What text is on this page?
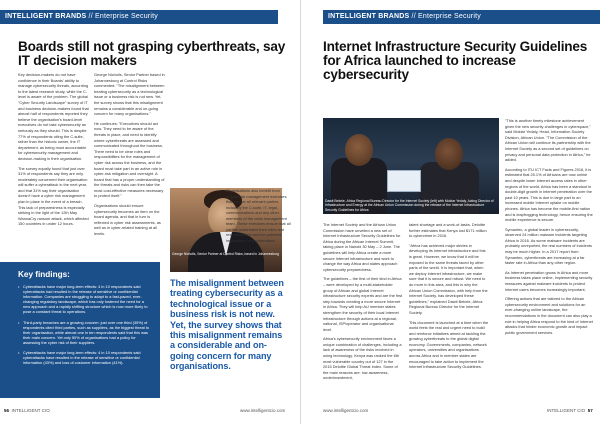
INTELLIGENT BRANDS // Enterprise Security
Boards still not grasping cyberthreats, say IT decision makers

Key decision-makers do not have confidence in their Boards' ability to manage cybersecurity threats, according to the latest research study, while the C-level is aware of the problem. The global "Cyber Security Landscape" survey of IT and business decision-makers found that almost half of respondents reported they believe the organisation's board-level executives do not take cybersecurity as seriously as they should. This is despite 77% of respondents citing the C-suite, rather than the historic owner, the IT department, as being most accountable for cybersecurity management and decision-making in their organisation.

The survey equally found that just over 31% of respondents say they are only moderately concerned their organisation will suffer a cyberattack in the next year, and that 31% say their organisation doesn't have a cyber risk management plan in place in the event of a breach. This lack of preparedness is especially striking in the light of the 12th May WannaCry ransom attack, which affected 150 countries in under 12 hours.

George Nicholls, Senior Partner based in Johannesburg at Control Risks commented: "The misalignment between treating cybersecurity as a technological issue or a business risk is not new. Yet, the survey shows that this misalignment remains a considerable and on-going concern for many organisations."

He continues: "Executives should act now. They need to be aware of the threats in place, and need to identify where cyberthreats are assessed and communicated throughout the business. There need to be clear roles and responsibilities for the management of cyber risk across the business, and the board must take part in an active role in cyber-risk mitigation and oversight. A board that has a proper understanding of the threats and risks can then take the most cost-effective measures necessary to protect itself."

Organisations should ensure cybersecurity becomes an item on the board agenda, and that in turn is reflected in cyber risk assessments, as well as in cyber-related training at all levels.

George Nicholls, Senior Partner at Control Risks, based in Johannesburg

Organisations also benefit from regular risk management exercises that involve all relevant parties including the C-suite, IT, legal, communications and any other members of the crisis management team. These exercises ensure that all parties understand their roles and responsibilities and the potential implications of a cyberattack.

The misalignment between treating cybersecurity as a technological issue or a business risk is not new. Yet, the survey shows that this misalignment remains a considerable and on-going concern for many organisations.
Key findings:
• Cyberattacks have major long-term effects: 4 in 10 respondents said cyberattacks had resulted in the release of sensitive or confidential information. Companies are struggling to adapt to a fast-paced, ever-changing regulatory landscape, which has only fostered the need for a new approach and a rapidly shifting structure which is now more likely to pose a constant threat to operations.
• Third-party breaches are a growing concern: just over one third (35%) of respondents cited third parties, such as suppliers, as the biggest threat to their organisation, while almost one in ten respondents said that this was their main concern. Yet only 50% of organisations had a policy for assessing the cyber risk of their suppliers.
• Cyberattacks have major long-term effects: 4 in 10 respondents said cyberattacks have resulted in the release of sensitive or confidential information (43%) and loss of customer information (41%).
56 INTELLIGENT CIO	www.intelligentcio.com
INTELLIGENT BRANDS // Enterprise Security
Internet Infrastructure Security Guidelines for Africa launched to increase cybersecurity
Dawit Bekele, Africa Regional Bureau Director for the Internet Society (left) with Moktar Yedaly, Acting Director of Infrastructure and Energy at the African Union Commission during the release of the Internet Infrastructure Security Guidelines for Africa

The Internet Society and the African Union Commission have unveiled a new set of Internet Infrastructure Security Guidelines for Africa during the African Internet Summit, taking place in Nairobi 30 May – 2 June. The guidelines will help Africa create a more secure Internet infrastructure and work to change the way Africa and states approach cybersecurity preparedness.

The guidelines – the first of their kind in Africa – were developed by a multi-stakeholder group of African and global Internet infrastructure security experts and are the first step towards creating a more secure Internet in Africa. They will help AU member states strengthen the security of their local Internet infrastructure through actions at a regional, national, ISP/operator and organisational level.

Africa's cybersecurity environment faces a unique combination of challenges, including a lack of awareness of the risks involved in using technology. Kenya was ranked the 6th most vulnerable country out of 127 in the 2015 Deloitte Global Threat Index. Some of the main reasons are: low awareness, underinvestment,

talent shortage and a work-of-tasks. Deloitte further estimates that Kenya lost $171 million to cybercrime in 2016.

"Africa has achieved major strides in developing its Internet infrastructure and this is great. However, we know that it will be exposed to the same threats faced by other parts of the world. It is important that, when we deploy Internet infrastructure, we make sure that it is secure and robust. We need to do more in this area, and this is why the African Union Commission, with help from the Internet Society, has developed these guidelines," explained Dawit Bekele, Africa Regional Bureau Director for the Internet Society.

This document is launched at a time when the world feels the real and urgent need to build and reinforce initiatives aimed at tackling the growing cyberthreats to the global digital economy. Governments, companies, network operators, universities and organisations across Africa and in member states are encouraged to take action to implement the Internet Infrastructure Security Guidelines.

"This is another timely milestone achievement given the new security challenges in cyberspace," said Moktar Yedaly, Head, Information Society Division, African Union. "The Commission of the African Union will continue its partnership with the Internet Society as a second set of guidelines on privacy and personal data protection in Africa," he added.

According to ITU ICT Facts and Figures 2016, it is estimated that 25.1% of Africans are now online and despite lower Internet access rates in other regions of the world, Africa has been a standout in double-digit growth in Internet penetration over the past 10 years. This is due in large part to an increased mobile Internet uptake on mobile phones. Africa has become the mobile-first nation and is leapfrogging technology, hence ensuring the mobile experience is secure.

Symantec, a global leader in cybersecurity, observed 24 million malware incidents targeting Africa in 2016. As some malware incidents are probably unreported, the real numbers of incidents may be much higher. In a 2017 report from Symantec, cyberthreats are increasing at a far faster rate in Africa than any other region.

As Internet penetration grows in Africa and more business takes place online, implementing security measures against malware incidents to protect Internet users becomes increasingly important.

Offering actions that are tailored to the African cybersecurity environment and solutions for an ever-changing online landscape, the recommendations in the document can also play a role in helping Africa respond to the kind of Internet attacks that hinder economic growth and impact public government services.

www.intelligentcio.com	INTELLIGENT CIO 57
